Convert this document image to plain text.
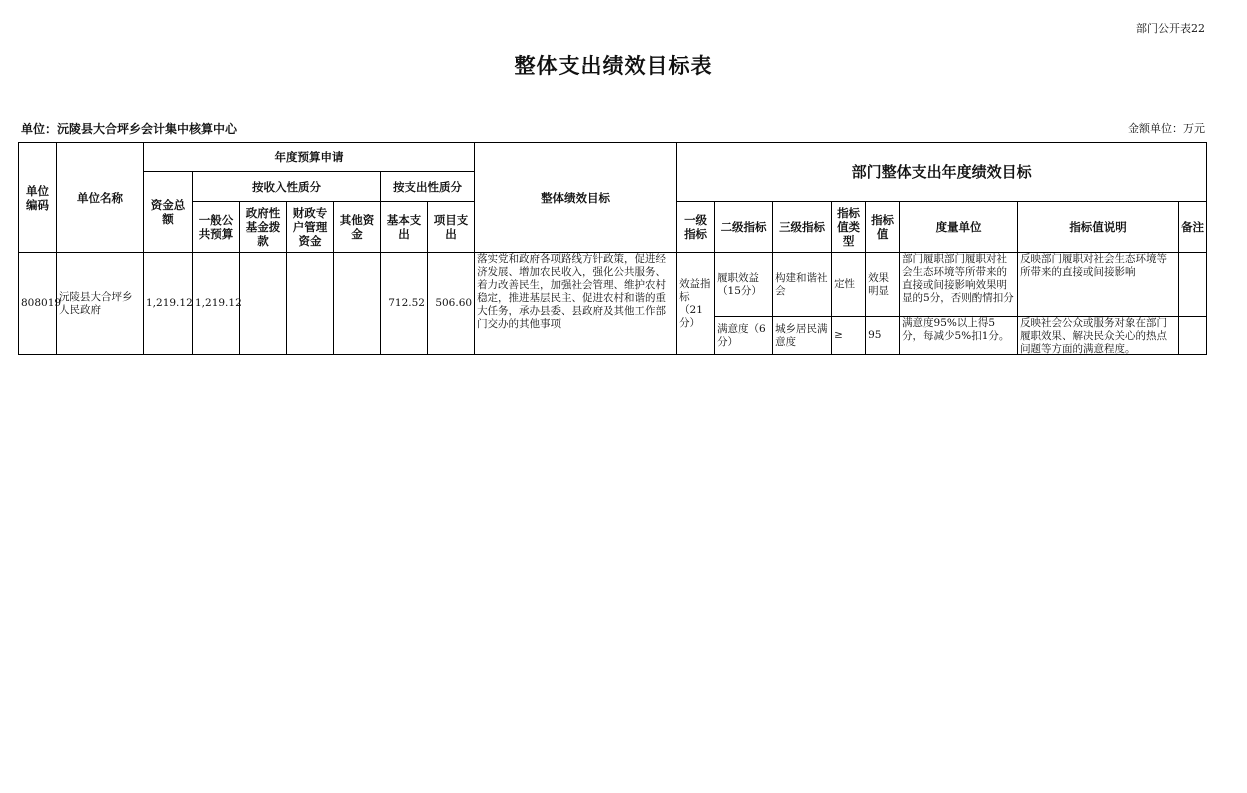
部门公开表22
整体支出绩效目标表
单位：沅陵县大合坪乡会计集中核算中心	金额单位：万元
单位编码	单位名称	年度预算申请							整体绩效目标	部门整体支出年度绩效目标							
		资金总额	按收入性质分				按支出性质分										
			一般公共预算	政府性基金拨款	财政专户管理资金	其他资金	基本支出	项目支出		一级指标	二级指标	三级指标	指标值类型	指标值	度量单位	指标值说明	备注
808019	沅陵县大合坪乡人民政府	1,219.12	1,219.12				712.52	506.60	落实党和政府各项路线方针政策，促进经济发展、增加农民收入，强化公共服务、着力改善民生，加强社会管理、维护农村稳定，推进基层民主、促进农村和谐的重大任务，承办县委、县政府及其他工作部门交办的其他事项	效益指标（21分）	履职效益（15分）	构建和谐社会	定性	效果明显	部门履职部门履职对社会生态环境等所带来的直接或间接影响效果明显的5分，否则酌情扣分	反映部门履职对社会生态环境等所带来的直接或间接影响	
											满意度（6分）	城乡居民满意度	≥	95	满意度95%以上得5分，每减少5%扣1分。	反映社会公众或服务对象在部门履职效果、解决民众关心的热点问题等方面的满意程度。	
